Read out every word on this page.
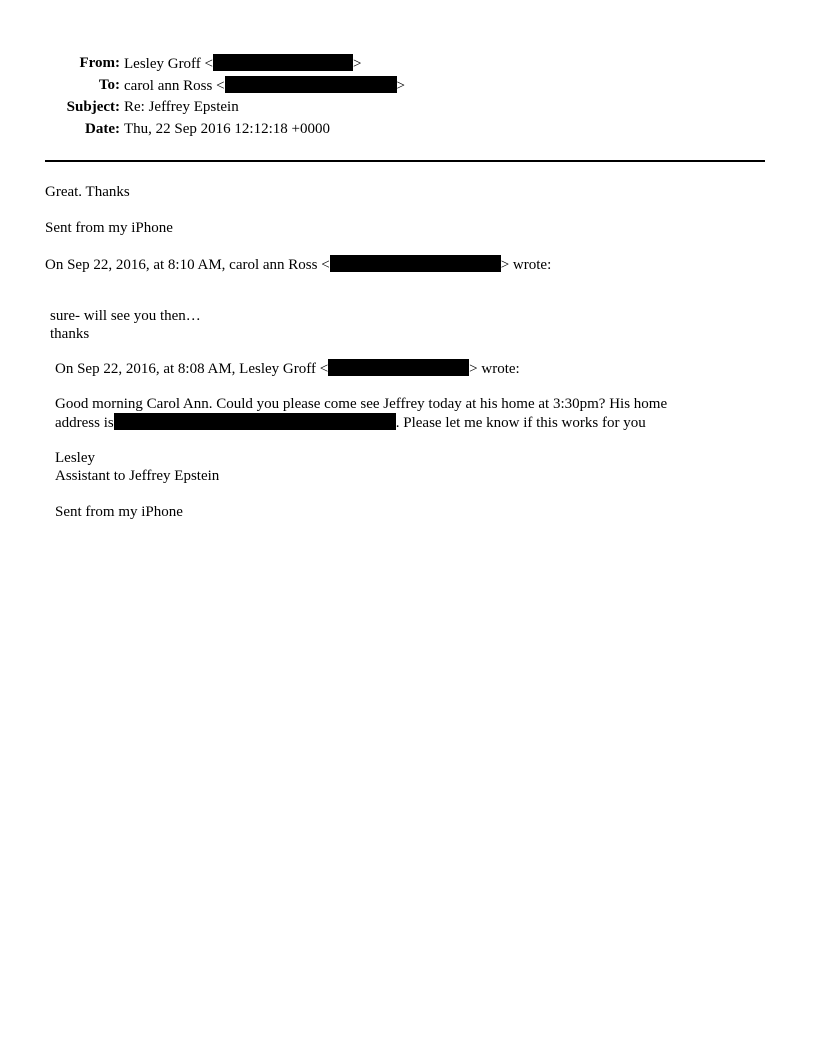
From: Lesley Groff <	>
To: carol ann Ross <	>
Subject: Re: Jeffrey Epstein
Date: Thu, 22 Sep 2016 12:12:18 +0000
Great. Thanks
Sent from my iPhone
On Sep 22, 2016, at 8:10 AM, carol ann Ross <	> wrote:
sure- will see you then…
thanks
On Sep 22, 2016, at 8:08 AM, Lesley Groff <	> wrote:
Good morning Carol Ann. Could you please come see Jeffrey today at his home at 3:30pm? His home
address is	. Please let me know if this works for you
Lesley
Assistant to Jeffrey Epstein
Sent from my iPhone
